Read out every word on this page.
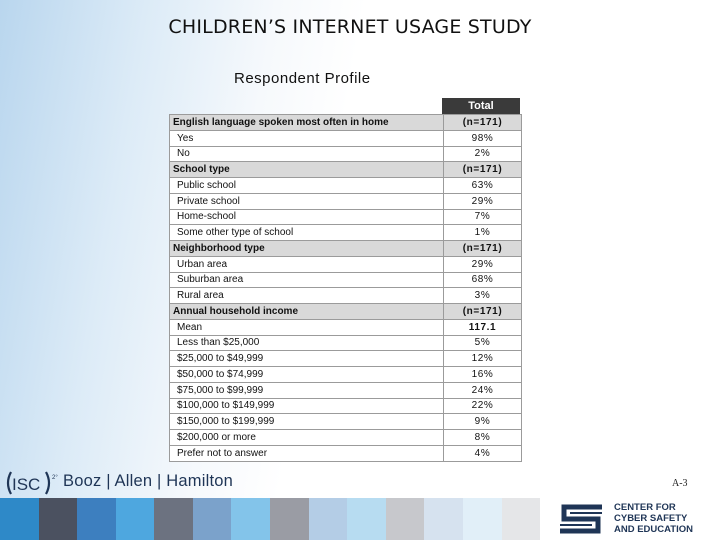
CHILDREN’S INTERNET USAGE STUDY
Respondent Profile
Total
English language spoken most often in home	(n=171)
Yes	98%
No	2%
School type	(n=171)
Public school	63%
Private school	29%
Home-school	7%
Some other type of school	1%
Neighborhood type	(n=171)
Urban area	29%
Suburban area	68%
Rural area	3%
Annual household income	(n=171)
Mean	117.1
Less than $25,000	5%
$25,000 to $49,999	12%
$50,000 to $74,999	16%
$75,000 to $99,999	24%
$100,000 to $149,999	22%
$150,000 to $199,999	9%
$200,000 or more	8%
Prefer not to answer	4%
A-3
ISC 2° Booz | Allen | Hamilton
CENTER FOR
CYBER SAFETY
AND EDUCATION
